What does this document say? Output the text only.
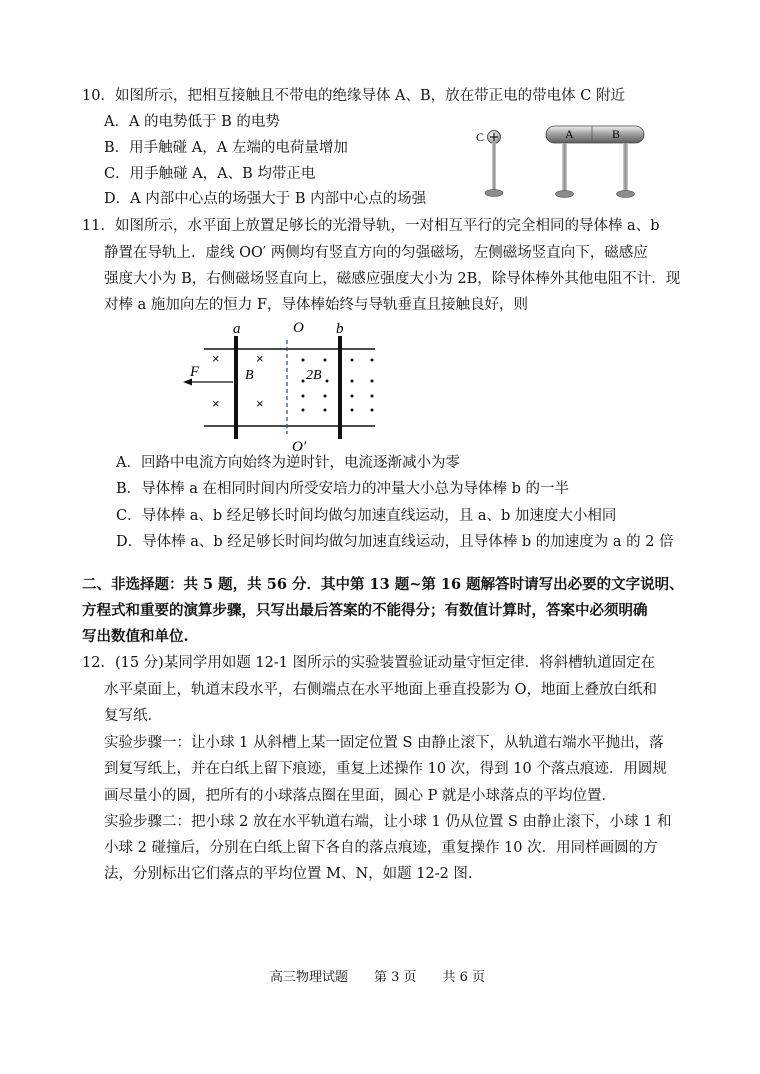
10．如图所示，把相互接触且不带电的绝缘导体 A、B，放在带正电的带电体 C 附近
A．A 的电势低于 B 的电势
B．用手触碰 A，A 左端的电荷量增加
C．用手触碰 A，A、B 均带正电
D．A 内部中心点的场强大于 B 内部中心点的场强
C	A	B
11．如图所示，水平面上放置足够长的光滑导轨，一对相互平行的完全相同的导体棒 a、b
静置在导轨上．虚线 OO′ 两侧均有竖直方向的匀强磁场，左侧磁场竖直向下，磁感应
强度大小为 B，右侧磁场竖直向上，磁感应强度大小为 2B，除导体棒外其他电阻不计．现
对棒 a 施加向左的恒力 F，导体棒始终与导轨垂直且接触良好，则
×	×
×	×
a	b
O
O′
F	B	2B
A．回路中电流方向始终为逆时针，电流逐渐减小为零
B．导体棒 a 在相同时间内所受安培力的冲量大小总为导体棒 b 的一半
C．导体棒 a、b 经足够长时间均做匀加速直线运动，且 a、b 加速度大小相同
D．导体棒 a、b 经足够长时间均做匀加速直线运动，且导体棒 b 的加速度为 a 的 2 倍
二、非选择题：共 5 题，共 56 分．其中第 13 题~第 16 题解答时请写出必要的文字说明、
方程式和重要的演算步骤，只写出最后答案的不能得分；有数值计算时，答案中必须明确
写出数值和单位.
12．(15 分)某同学用如题 12-1 图所示的实验装置验证动量守恒定律．将斜槽轨道固定在
水平桌面上，轨道末段水平，右侧端点在水平地面上垂直投影为 O，地面上叠放白纸和
复写纸．
实验步骤一：让小球 1 从斜槽上某一固定位置 S 由静止滚下，从轨道右端水平抛出，落
到复写纸上，并在白纸上留下痕迹，重复上述操作 10 次，得到 10 个落点痕迹．用圆规
画尽量小的圆，把所有的小球落点圈在里面，圆心 P 就是小球落点的平均位置．
实验步骤二：把小球 2 放在水平轨道右端，让小球 1 仍从位置 S 由静止滚下，小球 1 和
小球 2 碰撞后，分别在白纸上留下各自的落点痕迹，重复操作 10 次．用同样画圆的方
法，分别标出它们落点的平均位置 M、N，如题 12-2 图.
高三物理试题　　第 3 页　　共 6 页
